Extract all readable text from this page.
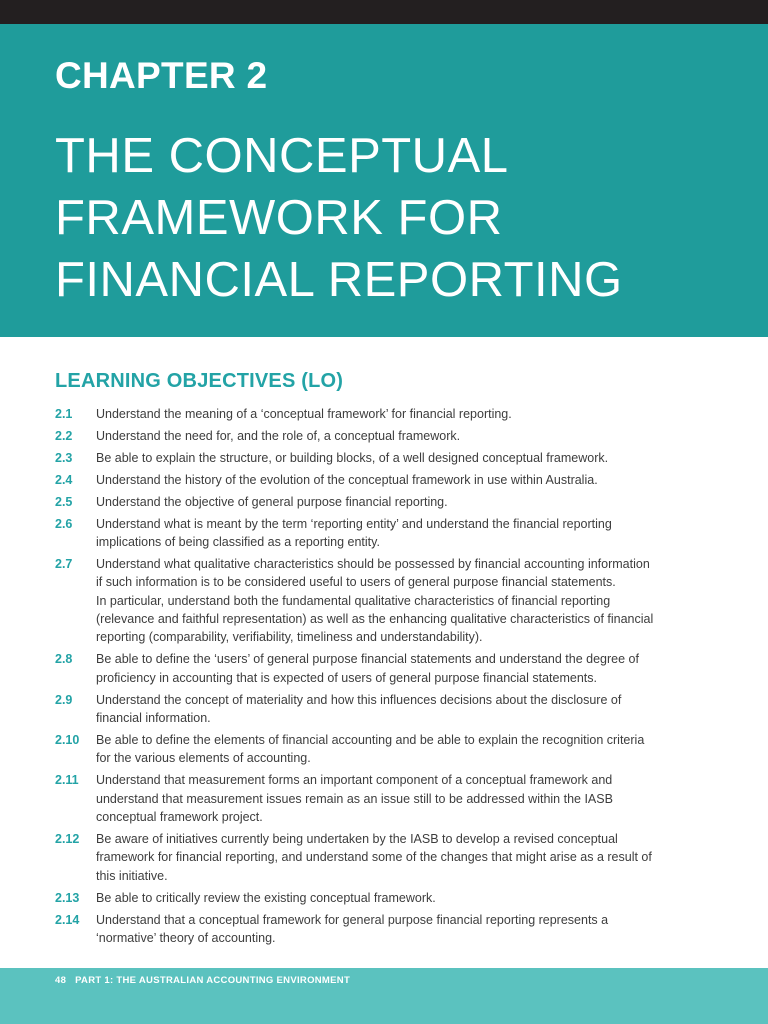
CHAPTER 2
THE CONCEPTUAL
FRAMEWORK FOR
FINANCIAL REPORTING
LEARNING OBJECTIVES (LO)
2.1	Understand the meaning of a ‘conceptual framework’ for financial reporting.
2.2	Understand the need for, and the role of, a conceptual framework.
2.3	Be able to explain the structure, or building blocks, of a well designed conceptual framework.
2.4	Understand the history of the evolution of the conceptual framework in use within Australia.
2.5	Understand the objective of general purpose financial reporting.
2.6	Understand what is meant by the term ‘reporting entity’ and understand the financial reporting
implications of being classified as a reporting entity.
2.7	Understand what qualitative characteristics should be possessed by financial accounting information
if such information is to be considered useful to users of general purpose financial statements.
In particular, understand both the fundamental qualitative characteristics of financial reporting
(relevance and faithful representation) as well as the enhancing qualitative characteristics of financial
reporting (comparability, verifiability, timeliness and understandability).
2.8	Be able to define the ‘users’ of general purpose financial statements and understand the degree of
proficiency in accounting that is expected of users of general purpose financial statements.
2.9	Understand the concept of materiality and how this influences decisions about the disclosure of
financial information.
2.10	Be able to define the elements of financial accounting and be able to explain the recognition criteria
for the various elements of accounting.
2.11	Understand that measurement forms an important component of a conceptual framework and
understand that measurement issues remain as an issue still to be addressed within the IASB
conceptual framework project.
2.12	Be aware of initiatives currently being undertaken by the IASB to develop a revised conceptual
framework for financial reporting, and understand some of the changes that might arise as a result of
this initiative.
2.13	Be able to critically review the existing conceptual framework.
2.14	Understand that a conceptual framework for general purpose financial reporting represents a
‘normative’ theory of accounting.
48 PART 1: THE AUSTRALIAN ACCOUNTING ENVIRONMENT
